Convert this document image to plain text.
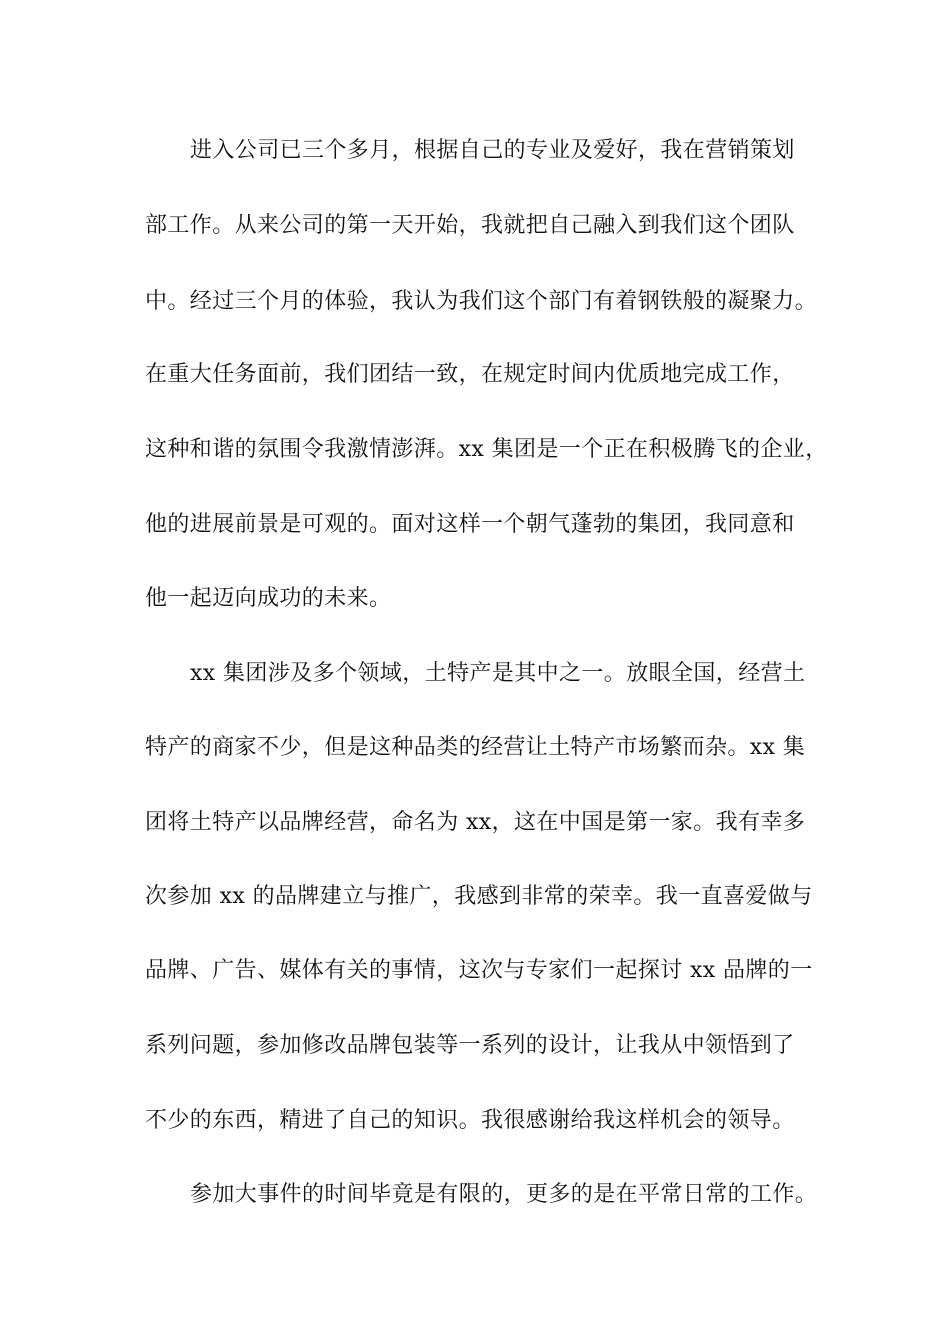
进入公司已三个多月，根据自己的专业及爱好，我在营销策划
部工作。从来公司的第一天开始，我就把自己融入到我们这个团队
中。经过三个月的体验，我认为我们这个部门有着钢铁般的凝聚力。
在重大任务面前，我们团结一致，在规定时间内优质地完成工作，
这种和谐的氛围令我激情澎湃。xx 集团是一个正在积极腾飞的企业，
他的进展前景是可观的。面对这样一个朝气蓬勃的集团，我同意和
他一起迈向成功的未来。
xx 集团涉及多个领域，土特产是其中之一。放眼全国，经营土
特产的商家不少，但是这种品类的经营让土特产市场繁而杂。xx 集
团将土特产以品牌经营，命名为 xx，这在中国是第一家。我有幸多
次参加 xx 的品牌建立与推广，我感到非常的荣幸。我一直喜爱做与
品牌、广告、媒体有关的事情，这次与专家们一起探讨 xx 品牌的一
系列问题，参加修改品牌包装等一系列的设计，让我从中领悟到了
不少的东西，精进了自己的知识。我很感谢给我这样机会的领导。
参加大事件的时间毕竟是有限的，更多的是在平常日常的工作。
